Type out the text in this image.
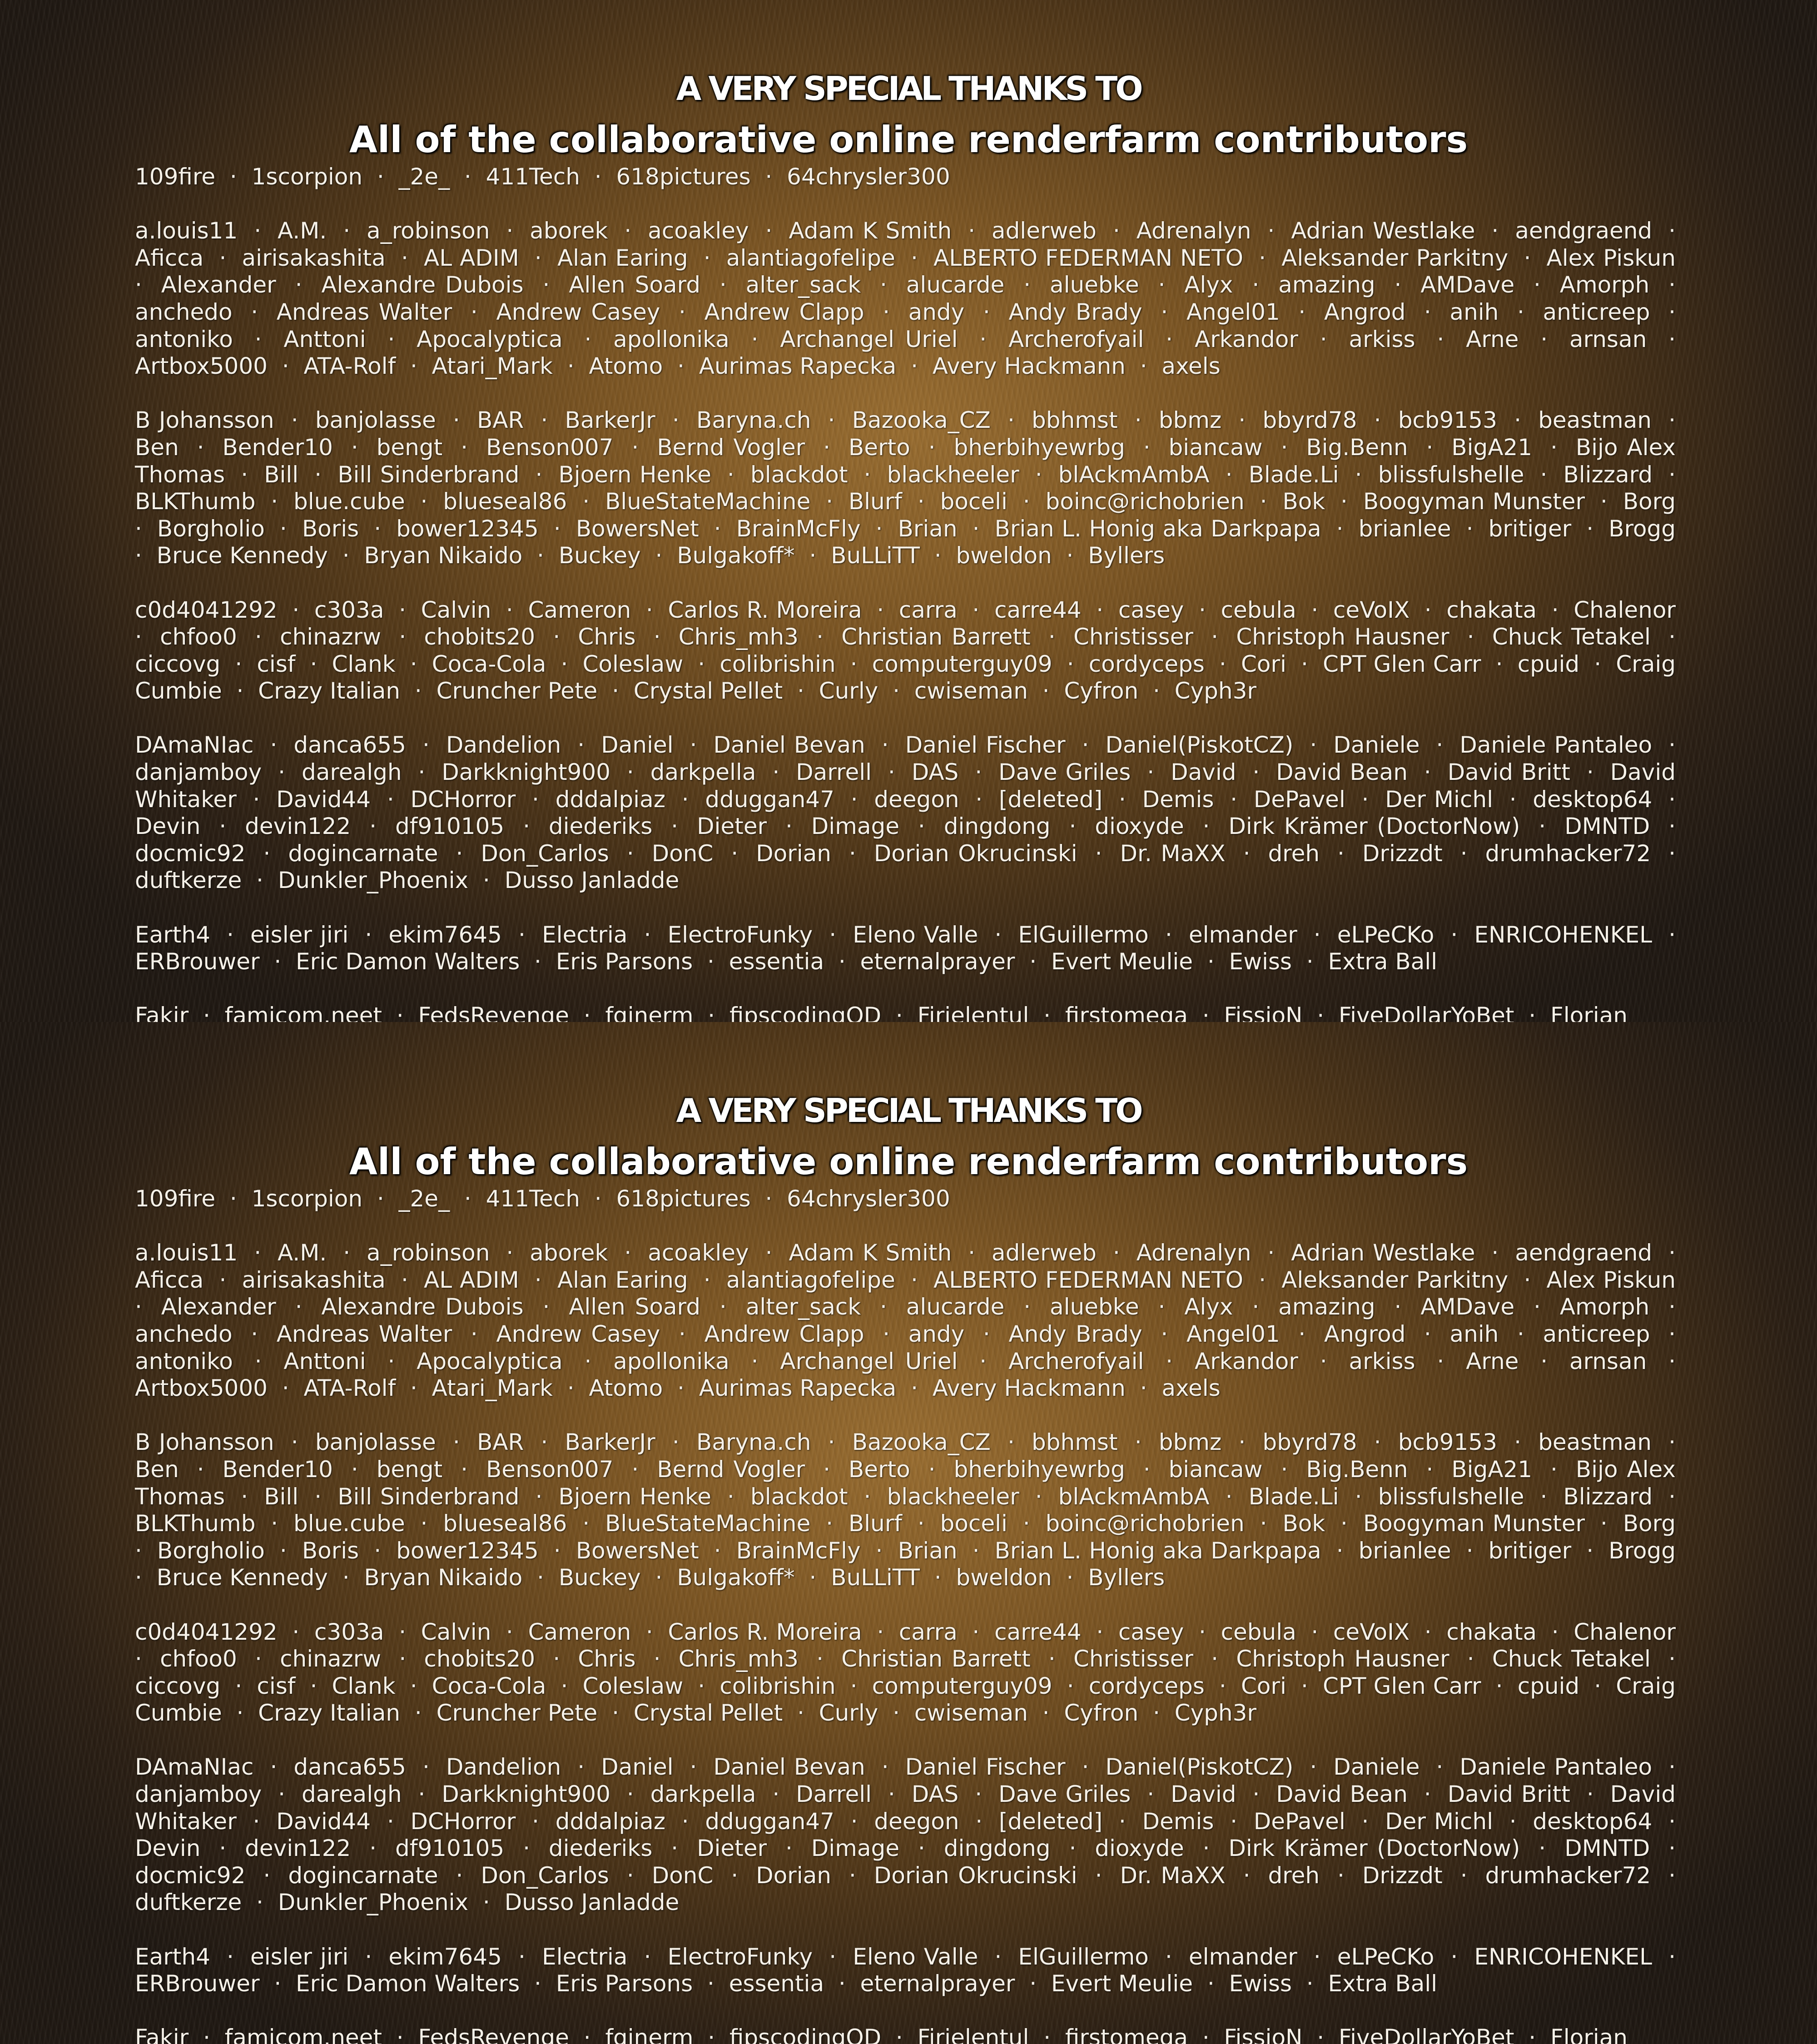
A VERY SPECIAL THANKS TO
All of the collaborative online renderfarm contributors

109fire  ·  1scorpion  ·  _2e_  ·  411Tech  ·  618pictures  ·  64chrysler300

a.louis11  ·  A.M.  ·  a_robinson  ·  aborek  ·  acoakley  ·  Adam K Smith  ·  adlerweb  ·  Adrenalyn  ·  Adrian Westlake  ·  aendgraend  ·  Aficca  ·  airisakashita  ·  AL ADIM  ·  Alan Earing  ·  alantiagofelipe  ·  ALBERTO FEDERMAN NETO  ·  Aleksander Parkitny  ·  Alex Piskun  ·  Alexander  ·  Alexandre Dubois  ·  Allen Soard  ·  alter_sack  ·  alucarde  ·  aluebke  ·  Alyx  ·  amazing  ·  AMDave  ·  Amorph  ·  anchedo  ·  Andreas Walter  ·  Andrew Casey  ·  Andrew Clapp  ·  andy  ·  Andy Brady  ·  Angel01  ·  Angrod  ·  anih  ·  anticreep  ·  antoniko  ·  Anttoni  ·  Apocalyptica  ·  apollonika  ·  Archangel Uriel  ·  Archerofyail  ·  Arkandor  ·  arkiss  ·  Arne  ·  arnsan  ·  Artbox5000  ·  ATA-Rolf  ·  Atari_Mark  ·  Atomo  ·  Aurimas Rapecka  ·  Avery Hackmann  ·  axels

B Johansson  ·  banjolasse  ·  BAR  ·  BarkerJr  ·  Baryna.ch  ·  Bazooka_CZ  ·  bbhmst  ·  bbmz  ·  bbyrd78  ·  bcb9153  ·  beastman  ·  Ben  ·  Bender10  ·  bengt  ·  Benson007  ·  Bernd Vogler  ·  Berto  ·  bherbihyewrbg  ·  biancaw  ·  Big.Benn  ·  BigA21  ·  Bijo Alex Thomas  ·  Bill  ·  Bill Sinderbrand  ·  Bjoern Henke  ·  blackdot  ·  blackheeler  ·  blAckmAmbA  ·  Blade.Li  ·  blissfulshelle  ·  Blizzard  ·  BLKThumb  ·  blue.cube  ·  blueseal86  ·  BlueStateMachine  ·  Blurf  ·  boceli  ·  boinc@richobrien  ·  Bok  ·  Boogyman Munster  ·  Borg  ·  Borgholio  ·  Boris  ·  bower12345  ·  BowersNet  ·  BrainMcFly  ·  Brian  ·  Brian L. Honig aka Darkpapa  ·  brianlee  ·  britiger  ·  Brogg  ·  Bruce Kennedy  ·  Bryan Nikaido  ·  Buckey  ·  Bulgakoff*  ·  BuLLiTT  ·  bweldon  ·  Byllers

c0d4041292  ·  c303a  ·  Calvin  ·  Cameron  ·  Carlos R. Moreira  ·  carra  ·  carre44  ·  casey  ·  cebula  ·  ceVoIX  ·  chakata  ·  Chalenor  ·  chfoo0  ·  chinazrw  ·  chobits20  ·  Chris  ·  Chris_mh3  ·  Christian Barrett  ·  Christisser  ·  Christoph Hausner  ·  Chuck Tetakel  ·  ciccovg  ·  cisf  ·  Clank  ·  Coca-Cola  ·  Coleslaw  ·  colibrishin  ·  computerguy09  ·  cordyceps  ·  Cori  ·  CPT Glen Carr  ·  cpuid  ·  Craig Cumbie  ·  Crazy Italian  ·  Cruncher Pete  ·  Crystal Pellet  ·  Curly  ·  cwiseman  ·  Cyfron  ·  Cyph3r

DAmaNIac  ·  danca655  ·  Dandelion  ·  Daniel  ·  Daniel Bevan  ·  Daniel Fischer  ·  Daniel(PiskotCZ)  ·  Daniele  ·  Daniele Pantaleo  ·  danjamboy  ·  darealgh  ·  Darkknight900  ·  darkpella  ·  Darrell  ·  DAS  ·  Dave Griles  ·  David  ·  David Bean  ·  David Britt  ·  David Whitaker  ·  David44  ·  DCHorror  ·  dddalpiaz  ·  dduggan47  ·  deegon  ·  [deleted]  ·  Demis  ·  DePavel  ·  Der Michl  ·  desktop64  ·  Devin  ·  devin122  ·  df910105  ·  diederiks  ·  Dieter  ·  Dimage  ·  dingdong  ·  dioxyde  ·  Dirk Krämer (DoctorNow)  ·  DMNTD  ·  docmic92  ·  dogincarnate  ·  Don_Carlos  ·  DonC  ·  Dorian  ·  Dorian Okrucinski  ·  Dr. MaXX  ·  dreh  ·  Drizzdt  ·  drumhacker72  ·  duftkerze  ·  Dunkler_Phoenix  ·  Dusso Janladde

Earth4  ·  eisler jiri  ·  ekim7645  ·  Electria  ·  ElectroFunky  ·  Eleno Valle  ·  ElGuillermo  ·  elmander  ·  eLPeCKo  ·  ENRICOHENKEL  ·  ERBrouwer  ·  Eric Damon Walters  ·  Eris Parsons  ·  essentia  ·  eternalprayer  ·  Evert Meulie  ·  Ewiss  ·  Extra Ball

Fakir  ·  famicom.neet  ·  FedsRevenge  ·  fginerm  ·  fipscodingOD  ·  Firielentul  ·  firstomega  ·  FissioN  ·  FiveDollarYoBet  ·  Florian

A VERY SPECIAL THANKS TO
All of the collaborative online renderfarm contributors

109fire  ·  1scorpion  ·  _2e_  ·  411Tech  ·  618pictures  ·  64chrysler300

a.louis11  ·  A.M.  ·  a_robinson  ·  aborek  ·  acoakley  ·  Adam K Smith  ·  adlerweb  ·  Adrenalyn  ·  Adrian Westlake  ·  aendgraend  ·  Aficca  ·  airisakashita  ·  AL ADIM  ·  Alan Earing  ·  alantiagofelipe  ·  ALBERTO FEDERMAN NETO  ·  Aleksander Parkitny  ·  Alex Piskun  ·  Alexander  ·  Alexandre Dubois  ·  Allen Soard  ·  alter_sack  ·  alucarde  ·  aluebke  ·  Alyx  ·  amazing  ·  AMDave  ·  Amorph  ·  anchedo  ·  Andreas Walter  ·  Andrew Casey  ·  Andrew Clapp  ·  andy  ·  Andy Brady  ·  Angel01  ·  Angrod  ·  anih  ·  anticreep  ·  antoniko  ·  Anttoni  ·  Apocalyptica  ·  apollonika  ·  Archangel Uriel  ·  Archerofyail  ·  Arkandor  ·  arkiss  ·  Arne  ·  arnsan  ·  Artbox5000  ·  ATA-Rolf  ·  Atari_Mark  ·  Atomo  ·  Aurimas Rapecka  ·  Avery Hackmann  ·  axels

B Johansson  ·  banjolasse  ·  BAR  ·  BarkerJr  ·  Baryna.ch  ·  Bazooka_CZ  ·  bbhmst  ·  bbmz  ·  bbyrd78  ·  bcb9153  ·  beastman  ·  Ben  ·  Bender10  ·  bengt  ·  Benson007  ·  Bernd Vogler  ·  Berto  ·  bherbihyewrbg  ·  biancaw  ·  Big.Benn  ·  BigA21  ·  Bijo Alex Thomas  ·  Bill  ·  Bill Sinderbrand  ·  Bjoern Henke  ·  blackdot  ·  blackheeler  ·  blAckmAmbA  ·  Blade.Li  ·  blissfulshelle  ·  Blizzard  ·  BLKThumb  ·  blue.cube  ·  blueseal86  ·  BlueStateMachine  ·  Blurf  ·  boceli  ·  boinc@richobrien  ·  Bok  ·  Boogyman Munster  ·  Borg  ·  Borgholio  ·  Boris  ·  bower12345  ·  BowersNet  ·  BrainMcFly  ·  Brian  ·  Brian L. Honig aka Darkpapa  ·  brianlee  ·  britiger  ·  Brogg  ·  Bruce Kennedy  ·  Bryan Nikaido  ·  Buckey  ·  Bulgakoff*  ·  BuLLiTT  ·  bweldon  ·  Byllers

c0d4041292  ·  c303a  ·  Calvin  ·  Cameron  ·  Carlos R. Moreira  ·  carra  ·  carre44  ·  casey  ·  cebula  ·  ceVoIX  ·  chakata  ·  Chalenor  ·  chfoo0  ·  chinazrw  ·  chobits20  ·  Chris  ·  Chris_mh3  ·  Christian Barrett  ·  Christisser  ·  Christoph Hausner  ·  Chuck Tetakel  ·  ciccovg  ·  cisf  ·  Clank  ·  Coca-Cola  ·  Coleslaw  ·  colibrishin  ·  computerguy09  ·  cordyceps  ·  Cori  ·  CPT Glen Carr  ·  cpuid  ·  Craig Cumbie  ·  Crazy Italian  ·  Cruncher Pete  ·  Crystal Pellet  ·  Curly  ·  cwiseman  ·  Cyfron  ·  Cyph3r

DAmaNIac  ·  danca655  ·  Dandelion  ·  Daniel  ·  Daniel Bevan  ·  Daniel Fischer  ·  Daniel(PiskotCZ)  ·  Daniele  ·  Daniele Pantaleo  ·  danjamboy  ·  darealgh  ·  Darkknight900  ·  darkpella  ·  Darrell  ·  DAS  ·  Dave Griles  ·  David  ·  David Bean  ·  David Britt  ·  David Whitaker  ·  David44  ·  DCHorror  ·  dddalpiaz  ·  dduggan47  ·  deegon  ·  [deleted]  ·  Demis  ·  DePavel  ·  Der Michl  ·  desktop64  ·  Devin  ·  devin122  ·  df910105  ·  diederiks  ·  Dieter  ·  Dimage  ·  dingdong  ·  dioxyde  ·  Dirk Krämer (DoctorNow)  ·  DMNTD  ·  docmic92  ·  dogincarnate  ·  Don_Carlos  ·  DonC  ·  Dorian  ·  Dorian Okrucinski  ·  Dr. MaXX  ·  dreh  ·  Drizzdt  ·  drumhacker72  ·  duftkerze  ·  Dunkler_Phoenix  ·  Dusso Janladde

Earth4  ·  eisler jiri  ·  ekim7645  ·  Electria  ·  ElectroFunky  ·  Eleno Valle  ·  ElGuillermo  ·  elmander  ·  eLPeCKo  ·  ENRICOHENKEL  ·  ERBrouwer  ·  Eric Damon Walters  ·  Eris Parsons  ·  essentia  ·  eternalprayer  ·  Evert Meulie  ·  Ewiss  ·  Extra Ball

Fakir  ·  famicom.neet  ·  FedsRevenge  ·  fginerm  ·  fipscodingOD  ·  Firielentul  ·  firstomega  ·  FissioN  ·  FiveDollarYoBet  ·  Florian
